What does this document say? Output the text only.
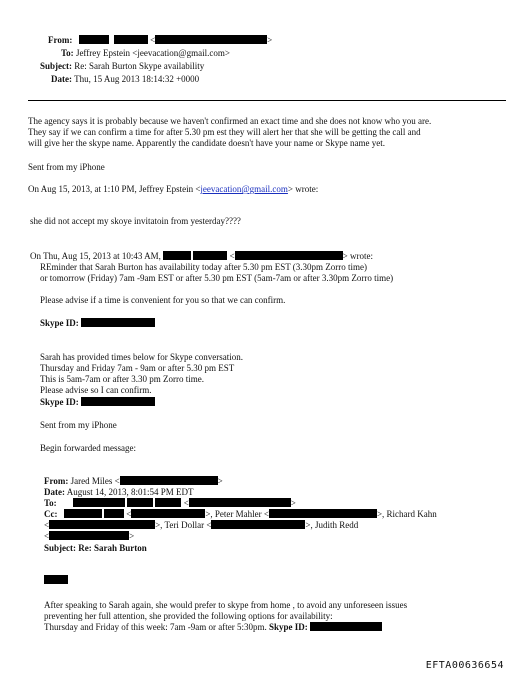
From:	<	>
To: Jeffrey Epstein <jeevacation@gmail.com>
Subject: Re: Sarah Burton Skype availability
Date: Thu, 15 Aug 2013 18:14:32 +0000
The agency says it is probably because we haven't confirmed an exact time and she does not know who you are.
They say if we can confirm a time for after 5.30 pm est they will alert her that she will be getting the call and
will give her the skype name. Apparently the candidate doesn't have your name or Skype name yet.
Sent from my iPhone
On Aug 15, 2013, at 1:10 PM, Jeffrey Epstein <jeevacation@gmail.com> wrote:
she did not accept my skoye invitatoin from yesterday????
On Thu, Aug 15, 2013 at 10:43 AM,	<	> wrote:
REminder that Sarah Burton has availability today after 5.30 pm EST (3.30pm Zorro time)
or tomorrow (Friday) 7am -9am EST or after 5.30 pm EST (5am-7am or after 3.30pm Zorro time)
Please advise if a time is convenient for you so that we can confirm.
Skype ID:
Sarah has provided times below for Skype conversation.
Thursday and Friday 7am - 9am or after 5.30 pm EST
This is 5am-7am or after 3.30 pm Zorro time.
Please advise so I can confirm.
Skype ID:
Sent from my iPhone
Begin forwarded message:
From: Jared Miles <	>
Date: August 14, 2013, 8:01:54 PM EDT
To:	<	>
Cc:	<	>, Peter Mahler <	>, Richard Kahn
<	>, Teri Dollar <	>, Judith Redd
<	>
Subject: Re: Sarah Burton
After speaking to Sarah again, she would prefer to skype from home , to avoid any unforeseen issues
preventing her full attention, she provided the following options for availability:
Thursday and Friday of this week: 7am -9am or after 5:30pm. Skype ID:
EFTA00636654
